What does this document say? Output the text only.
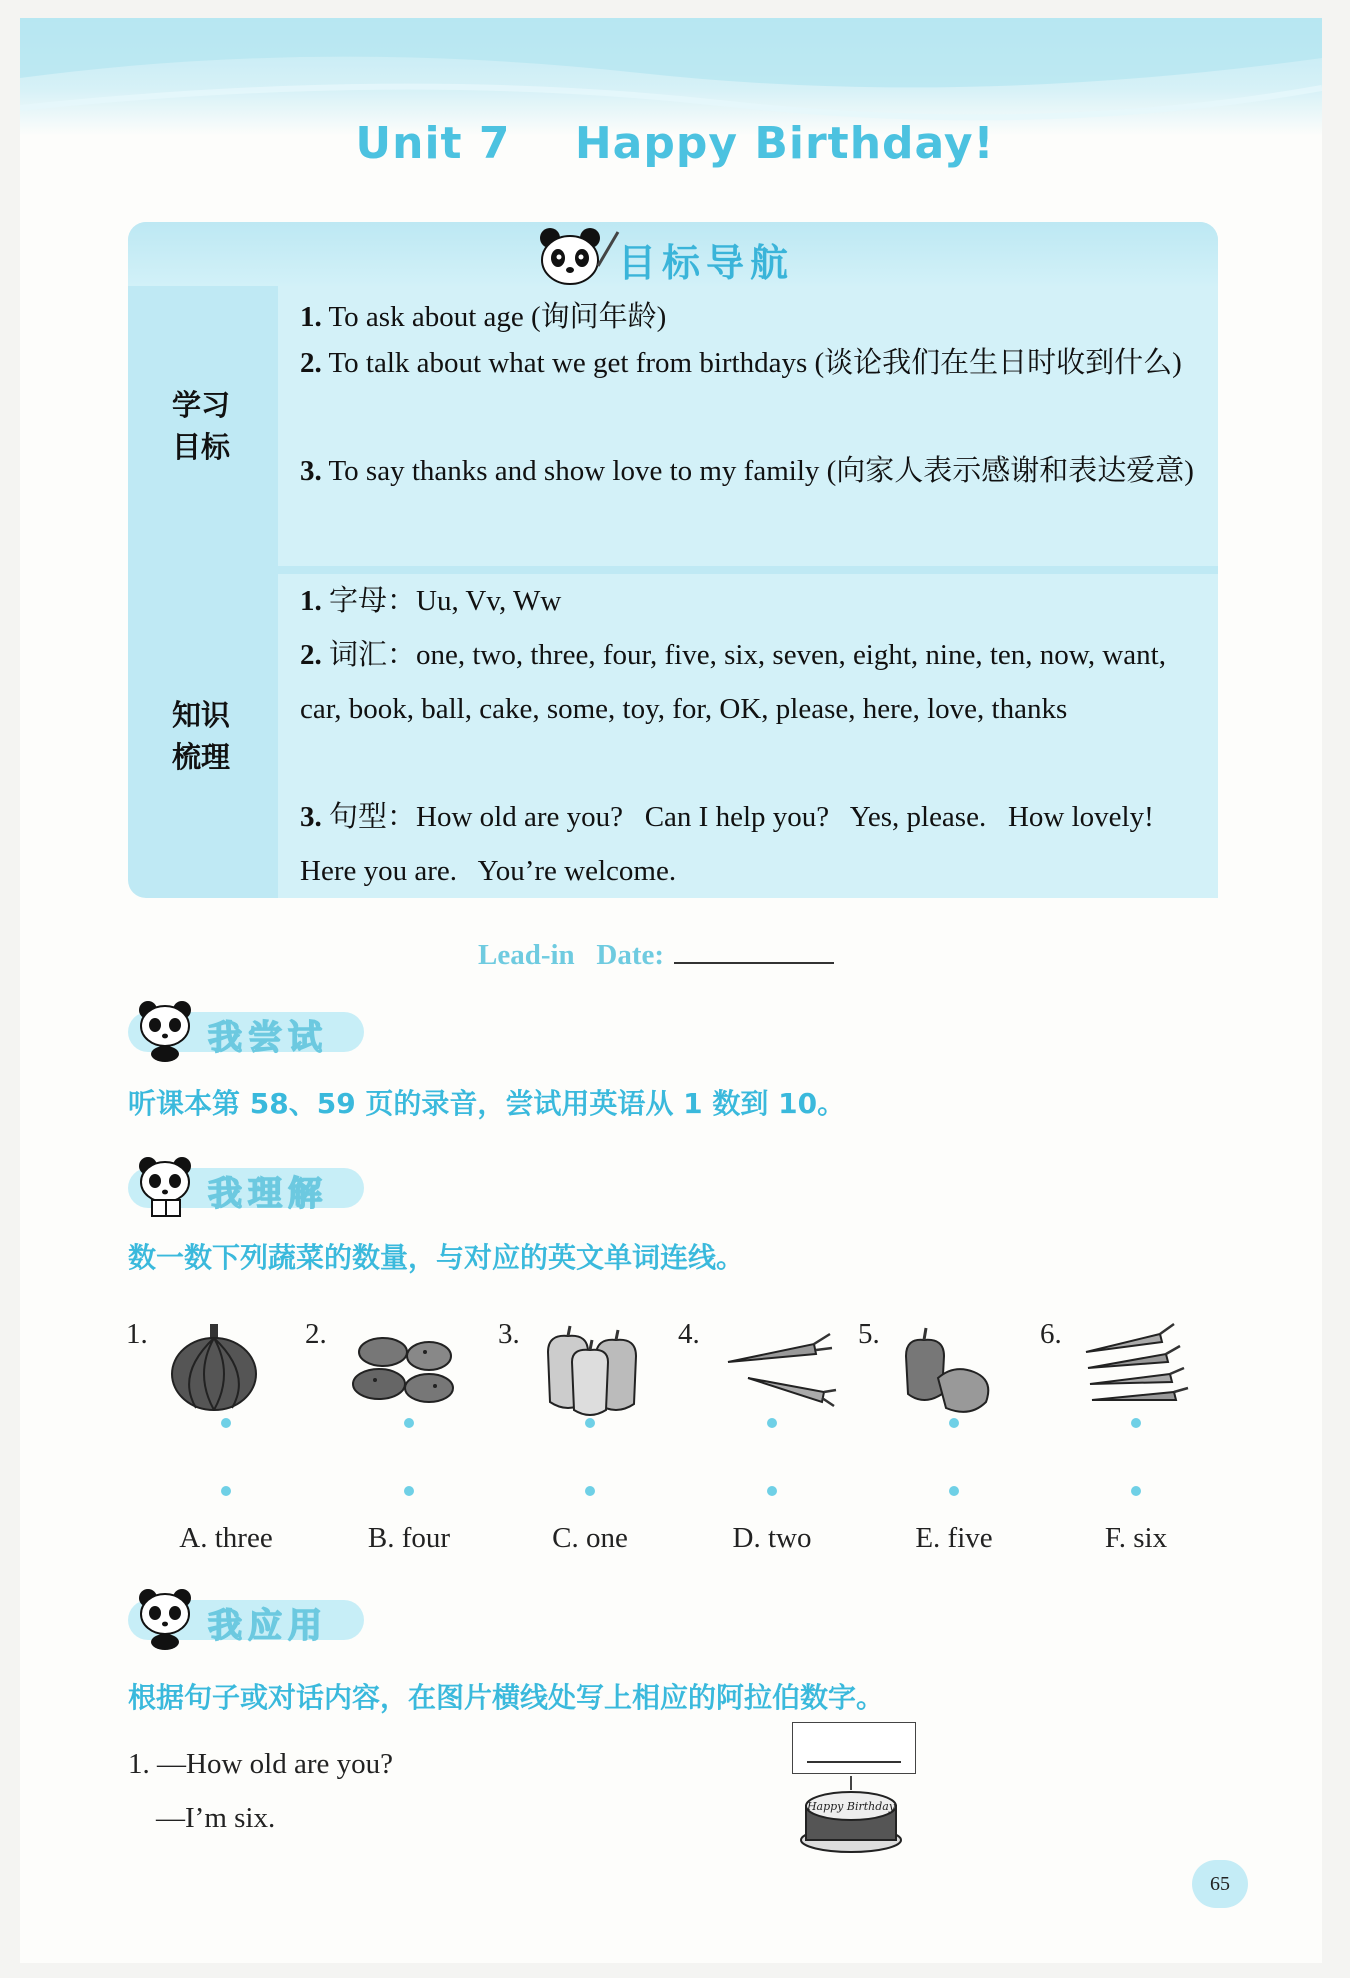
Unit 7 Happy Birthday!
目标导航
学习
目标

1. To ask about age (询问年龄)

2. To talk about what we get from birthdays (谈论我们在生日时收到什么)

3. To say thanks and show love to my family (向家人表示感谢和表达爱意)

知识
梳理

1. 字母：Uu, Vv, Ww

2. 词汇：one, two, three, four, five, six, seven, eight, nine, ten, now, want, car, book, ball, cake, some, toy, for, OK, please, here, love, thanks

3. 句型：How old are you?   Can I help you?   Yes, please.   How lovely!   Here you are.   You’re welcome.

Lead-in   Date:
我尝试
听课本第 58、59 页的录音，尝试用英语从 1 数到 10。
我理解
数一数下列蔬菜的数量，与对应的英文单词连线。
1.	2.	3.	4.	5.	6.
A. three	B. four	C. one	D. two	E. five	F. six
我应用
根据句子或对话内容，在图片横线处写上相应的阿拉伯数字。
1. —How old are you?
—I’m six.	Happy Birthday
65
